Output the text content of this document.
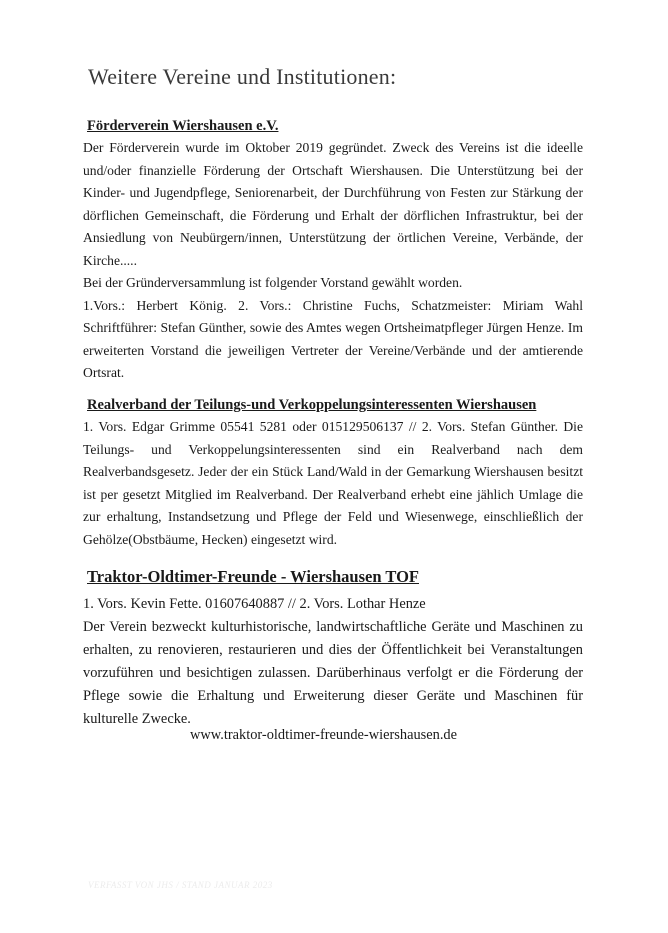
Weitere Vereine und Institutionen:
Förderverein Wiershausen e.V.

Der Förderverein wurde im Oktober 2019 gegründet. Zweck des Vereins ist die ideelle und/oder finanzielle Förderung der Ortschaft Wiershausen. Die Unterstützung bei der Kinder- und Jugendpflege, Seniorenarbeit, der Durchführung von Festen zur Stärkung der dörflichen Gemeinschaft, die Förderung und Erhalt der dörflichen Infrastruktur, bei der Ansiedlung von Neubürgern/innen, Unterstützung der örtlichen Vereine, Verbände, der Kirche.....

Bei der Gründerversammlung ist folgender Vorstand gewählt worden.

1.Vors.: Herbert König. 2. Vors.: Christine Fuchs, Schatzmeister: Miriam Wahl Schriftführer: Stefan Günther, sowie des Amtes wegen Ortsheimatpfleger Jürgen Henze. Im erweiterten Vorstand die jeweiligen Vertreter der Vereine/Verbände und der amtierende Ortsrat.

Realverband der Teilungs-und Verkoppelungsinteressenten Wiershausen

1. Vors. Edgar Grimme 05541 5281 oder 015129506137 // 2. Vors. Stefan Günther. Die Teilungs- und Verkoppelungsinteressenten sind ein Realverband nach dem Realverbandsgesetz. Jeder der ein Stück Land/Wald in der Gemarkung Wiershausen besitzt ist per gesetzt Mitglied im Realverband. Der Realverband erhebt eine jählich Umlage die zur erhaltung, Instandsetzung und Pflege der Feld und Wiesenwege, einschließlich der Gehölze(Obstbäume, Hecken) eingesetzt wird.

Traktor-Oldtimer-Freunde - Wiershausen TOF

1. Vors. Kevin Fette. 01607640887 // 2. Vors. Lothar Henze

Der Verein bezweckt kulturhistorische, landwirtschaftliche Geräte und Maschinen zu erhalten, zu renovieren, restaurieren und dies der Öffentlichkeit bei Veranstaltungen vorzuführen und besichtigen zulassen. Darüberhinaus verfolgt er die Förderung der Pflege sowie die Erhaltung und Erweiterung dieser Geräte und Maschinen für kulturelle Zwecke.

www.traktor-oldtimer-freunde-wiershausen.de
VERFASST VON JHS / STAND JANUAR 2023
